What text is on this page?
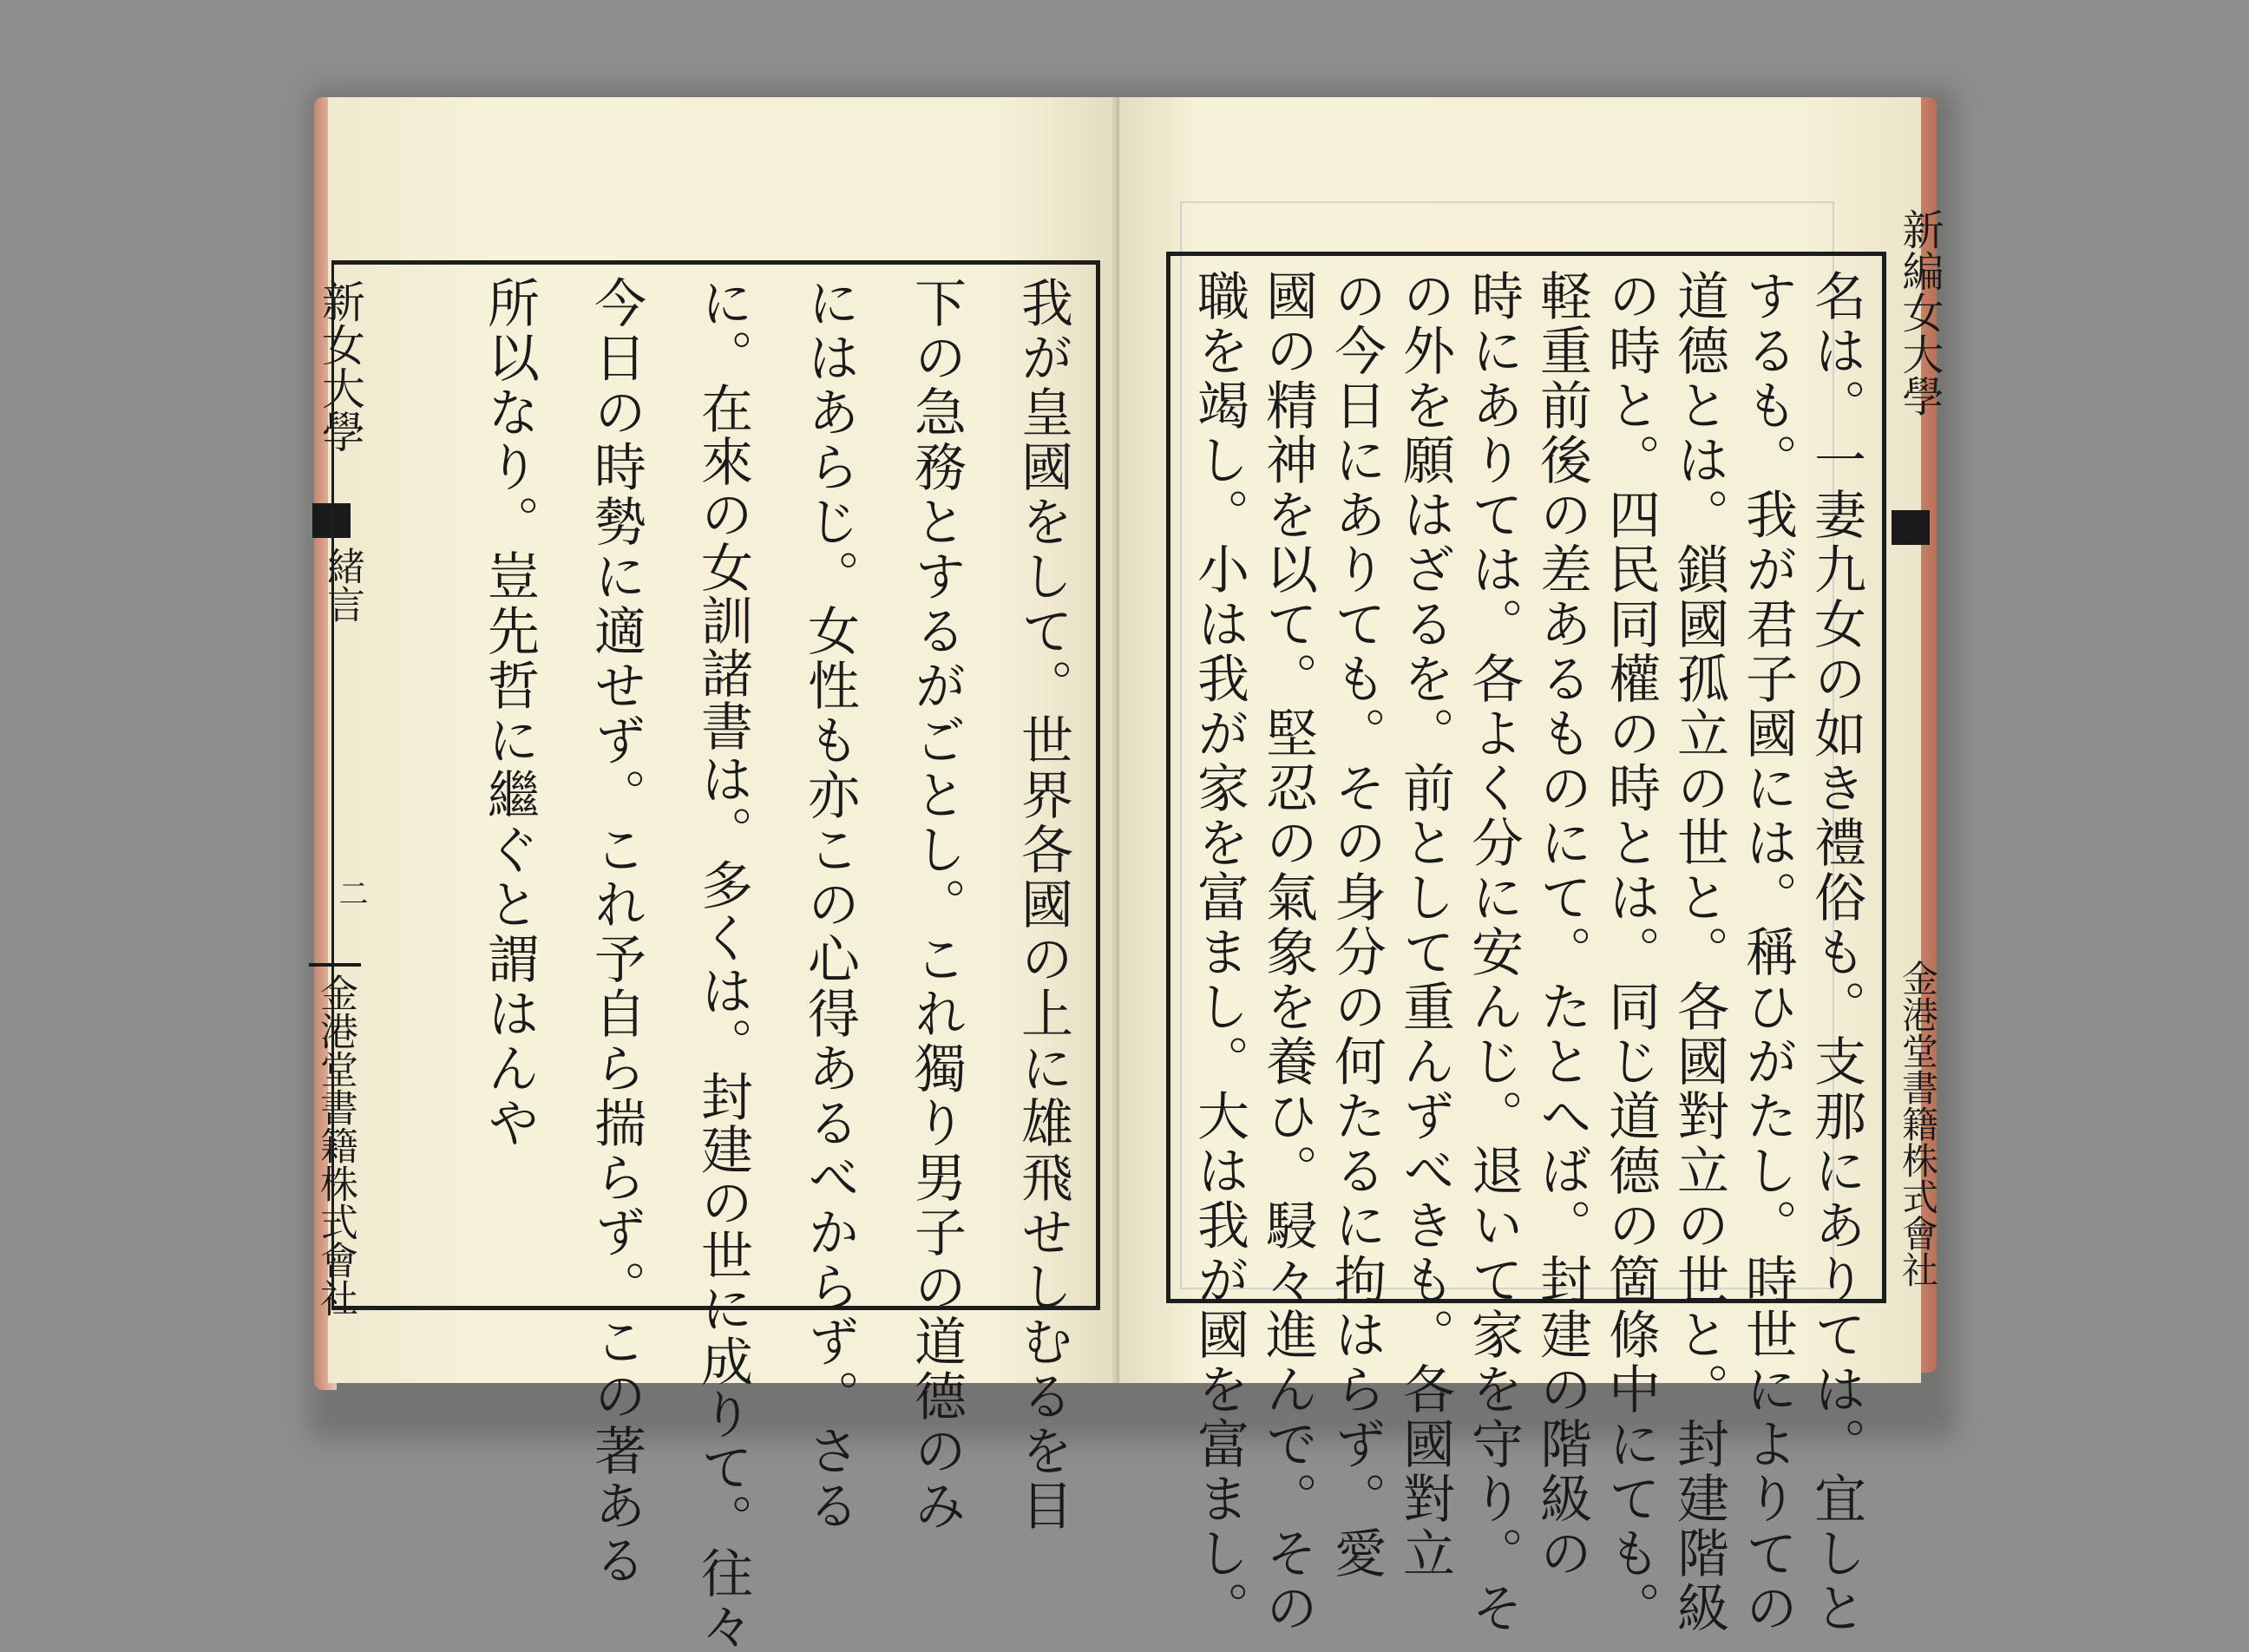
新女大學
緒言
二
金港堂書籍株式會社	我が皇國をして。世界各國の上に雄飛せしむるを目
下の急務とするがごとし。これ獨り男子の道德のみ
にはあらじ。女性も亦この心得あるべからず。さる
に。在來の女訓諸書は。多くは。封建の世に成りて。往々
今日の時勢に適せず。これ予自ら揣らず。この著ある
所以なり。豈先哲に繼ぐと謂はんや	新編女大學
金港堂書籍株式會社
名は。一妻九女の如き禮俗も。支那にありては。宜しと
するも。我が君子國には。稱ひがたし。時世によりての
道德とは。鎖國孤立の世と。各國對立の世と。封建階級
の時と。四民同權の時とは。同じ道德の箇條中にても。
軽重前後の差あるものにて。たとへば。封建の階級の
時にありては。各よく分に安んじ。退いて家を守り。そ
の外を願はざるを。前として重んずべきも。各國對立
の今日にありても。その身分の何たるに拘はらず。愛
國の精神を以て。堅忍の氣象を養ひ。駸々進んで。その
職を竭し。小は我が家を富まし。大は我が國を富まし。
